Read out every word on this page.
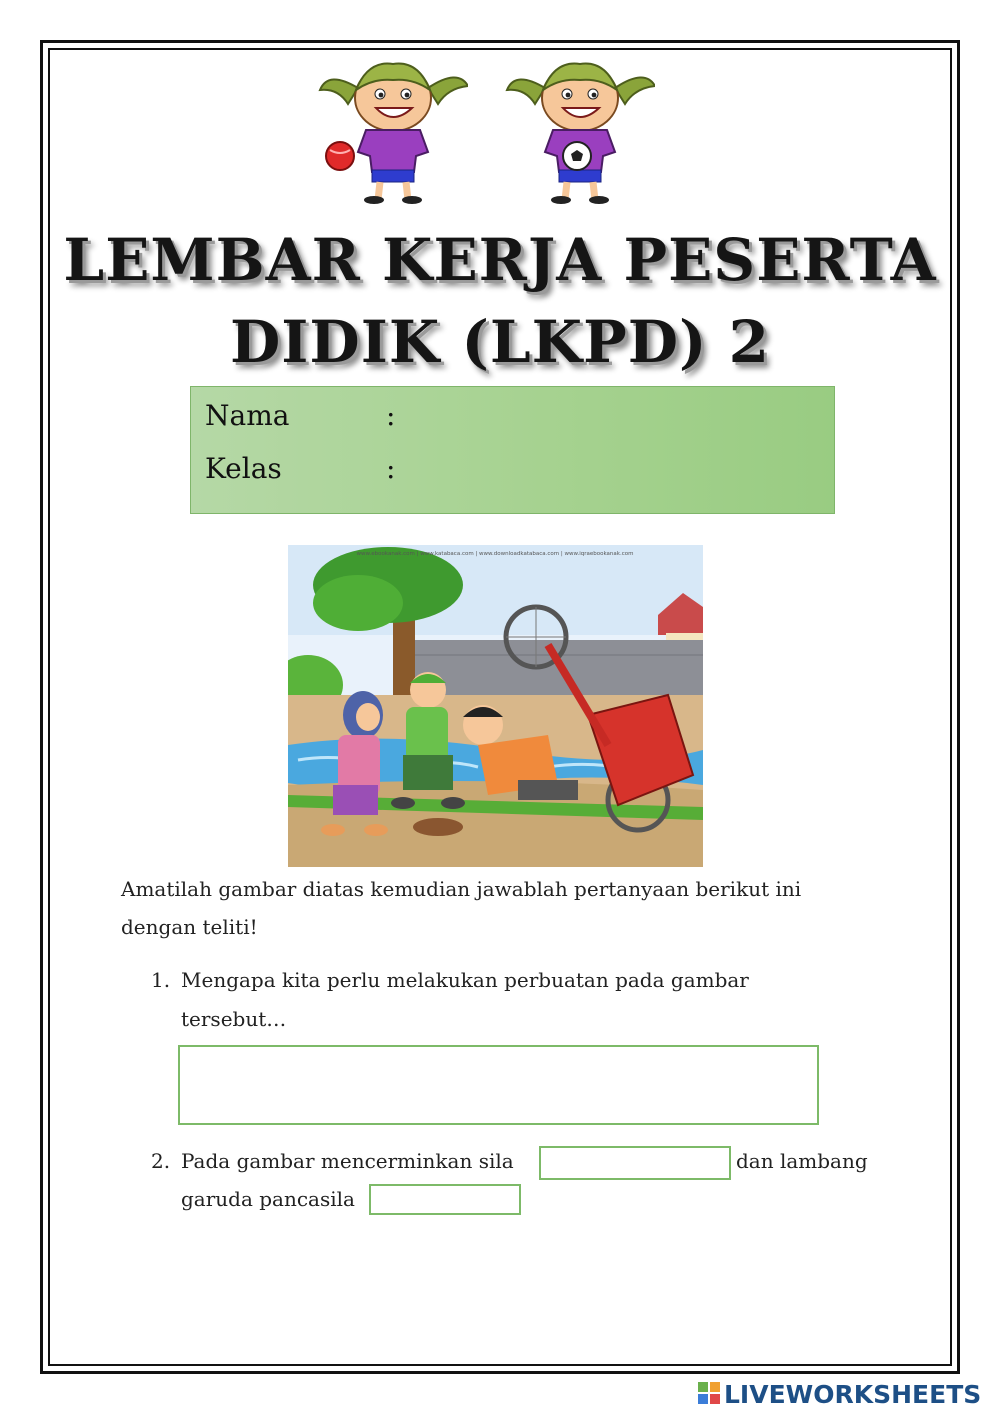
LEMBAR KERJA PESERTA
DIDIK (LKPD) 2
Nama	:
Kelas	:
www.ebookanak.com | www.katabaca.com | www.downloadkatabaca.com | www.iqraebookanak.com
Amatilah gambar diatas kemudian jawablah pertanyaan berikut ini
dengan teliti!
1. Mengapa kita perlu melakukan perbuatan pada gambar
tersebut…
2. Pada gambar mencerminkan sila	dan lambang
garuda pancasila
LIVEWORKSHEETS
